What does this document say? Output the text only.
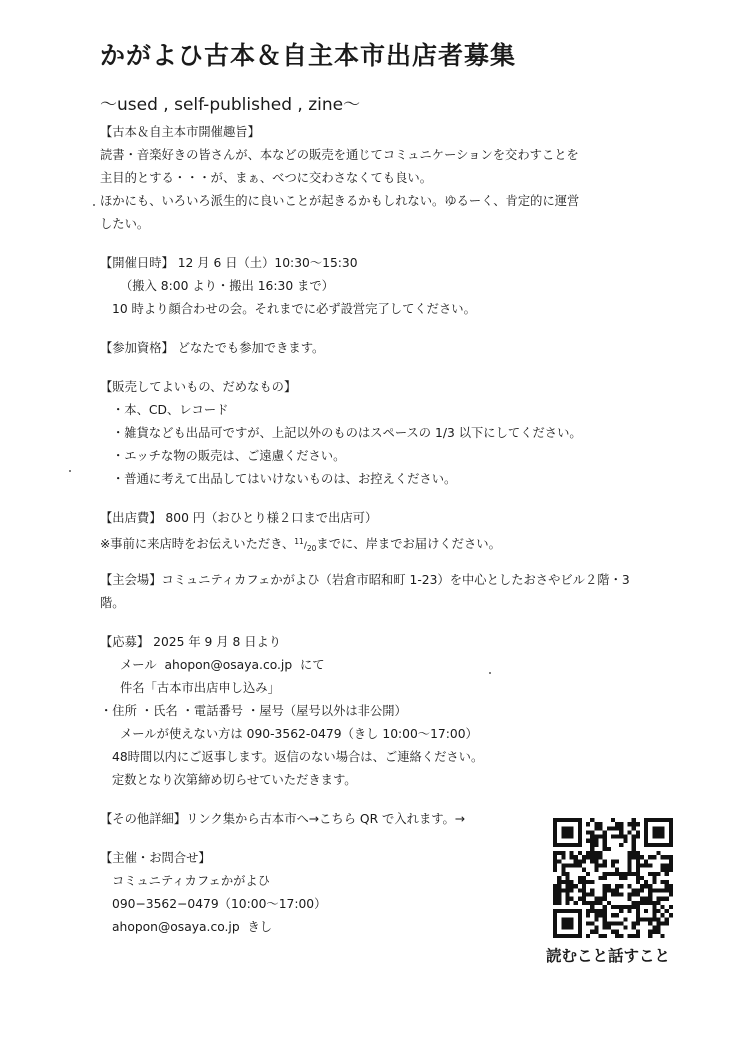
かがよひ古本＆自主本市出店者募集
〜used , self-published , zine〜
【古本＆自主本市開催趣旨】
読書・音楽好きの皆さんが、本などの販売を通じてコミュニケーションを交わすことを
主目的とする・・・が、まぁ、べつに交わさなくても良い。
ほかにも、いろいろ派生的に良いことが起きるかもしれない。ゆるーく、肯定的に運営
したい。
【開催日時】 12 月 6 日（土）10:30〜15:30
（搬入 8:00 より・搬出 16:30 まで）
10 時より顔合わせの会。それまでに必ず設営完了してください。
【参加資格】 どなたでも参加できます。
【販売してよいもの、だめなもの】
・本、CD、レコード
・雑貨なども出品可ですが、上記以外のものはスペースの 1/3 以下にしてください。
・エッチな物の販売は、ご遠慮ください。
・普通に考えて出品してはいけないものは、お控えください。
【出店費】 800 円（おひとり様２口まで出店可）
※事前に来店時をお伝えいただき、$^{11}/_{20}$までに、岸までお届けください。
【主会場】コミュニティカフェかがよひ（岩倉市昭和町 1-23）を中心としたおさやビル２階・3階。
【応募】 2025 年 9 月 8 日より
メール ahopon@osaya.co.jp にて
件名「古本市出店申し込み」
・住所 ・氏名 ・電話番号 ・屋号（屋号以外は非公開）
メールが使えない方は 090-3562-0479（きし 10:00〜17:00）
48時間以内にご返事します。返信のない場合は、ご連絡ください。
定数となり次第締め切らせていただきます。
【その他詳細】リンク集から古本市へ→こちら QR で入れます。→
【主催・お問合せ】
コミュニティカフェかがよひ
090−3562−0479（10:00〜17:00）
ahopon@osaya.co.jp きし
読むこと話すこと
